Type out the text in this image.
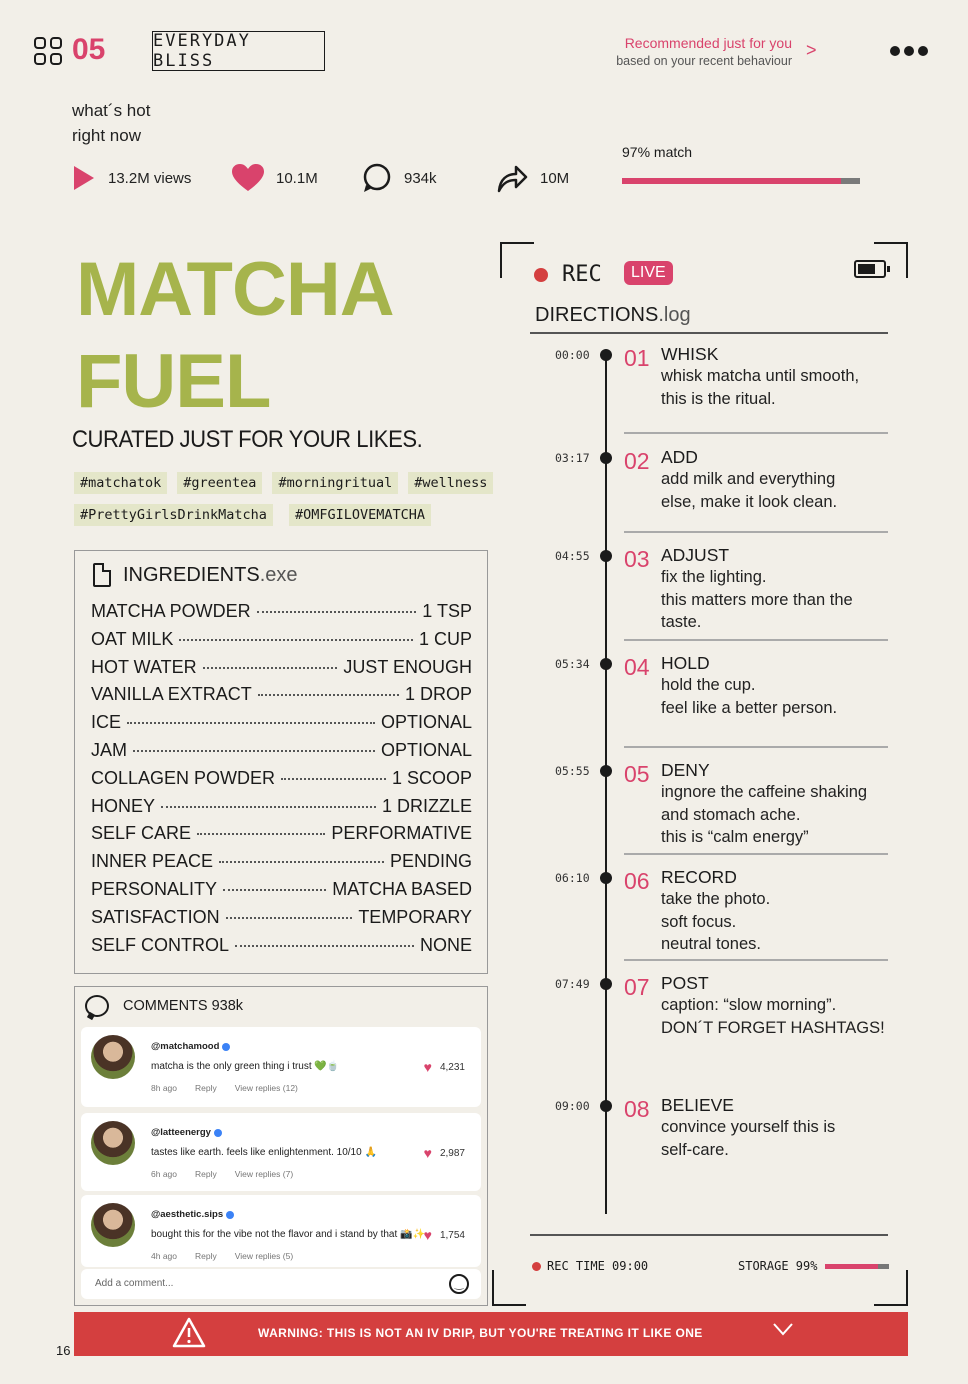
05	EVERYDAY BLISS
Recommended just for you
based on your recent behaviour
>
what´s hot
right now
13.2M views	10.1M	934k	10M
97% match
MATCHA
FUEL
CURATED JUST FOR YOUR LIKES.
#matchatok	#greentea	#morningritual	#wellness
#PrettyGirlsDrinkMatcha	#OMFGILOVEMATCHA
INGREDIENTS.exe
MATCHA POWDER	1 TSP
OAT MILK	1 CUP
HOT WATER	JUST ENOUGH
VANILLA EXTRACT	1 DROP
ICE	OPTIONAL
JAM	OPTIONAL
COLLAGEN POWDER	1 SCOOP
HONEY	1 DRIZZLE
SELF CARE	PERFORMATIVE
INNER PEACE	PENDING
PERSONALITY	MATCHA BASED
SATISFACTION	TEMPORARY
SELF CONTROL	NONE
COMMENTS 938k
@matchamood
matcha is the only green thing i trust 💚🍵
8h ago Reply View replies (12)
♥ 4,231
@latteenergy
tastes like earth. feels like enlightenment. 10/10 🙏
6h ago Reply View replies (7)
♥ 2,987
@aesthetic.sips
bought this for the vibe not the flavor and i stand by that 📸✨
4h ago Reply View replies (5)
♥ 1,754
Add a comment...	‿
REC	LIVE
DIRECTIONS.log
00:00 01 WHISK
whisk matcha until smooth,
this is the ritual.
03:17 02 ADD
add milk and everything
else, make it look clean.
04:55 03 ADJUST
fix the lighting.
this matters more than the
taste.
05:34 04 HOLD
hold the cup.
feel like a better person.
05:55 05 DENY
ingnore the caffeine shaking
and stomach ache.
this is “calm energy”
06:10 06 RECORD
take the photo.
soft focus.
neutral tones.
07:49 07 POST
caption: “slow morning”.
DON´T FORGET HASHTAGS!
09:00 08 BELIEVE
convince yourself this is
self-care.
REC TIME 09:00	STORAGE 99%
WARNING: THIS IS NOT AN IV DRIP, BUT YOU'RE TREATING IT LIKE ONE
16
